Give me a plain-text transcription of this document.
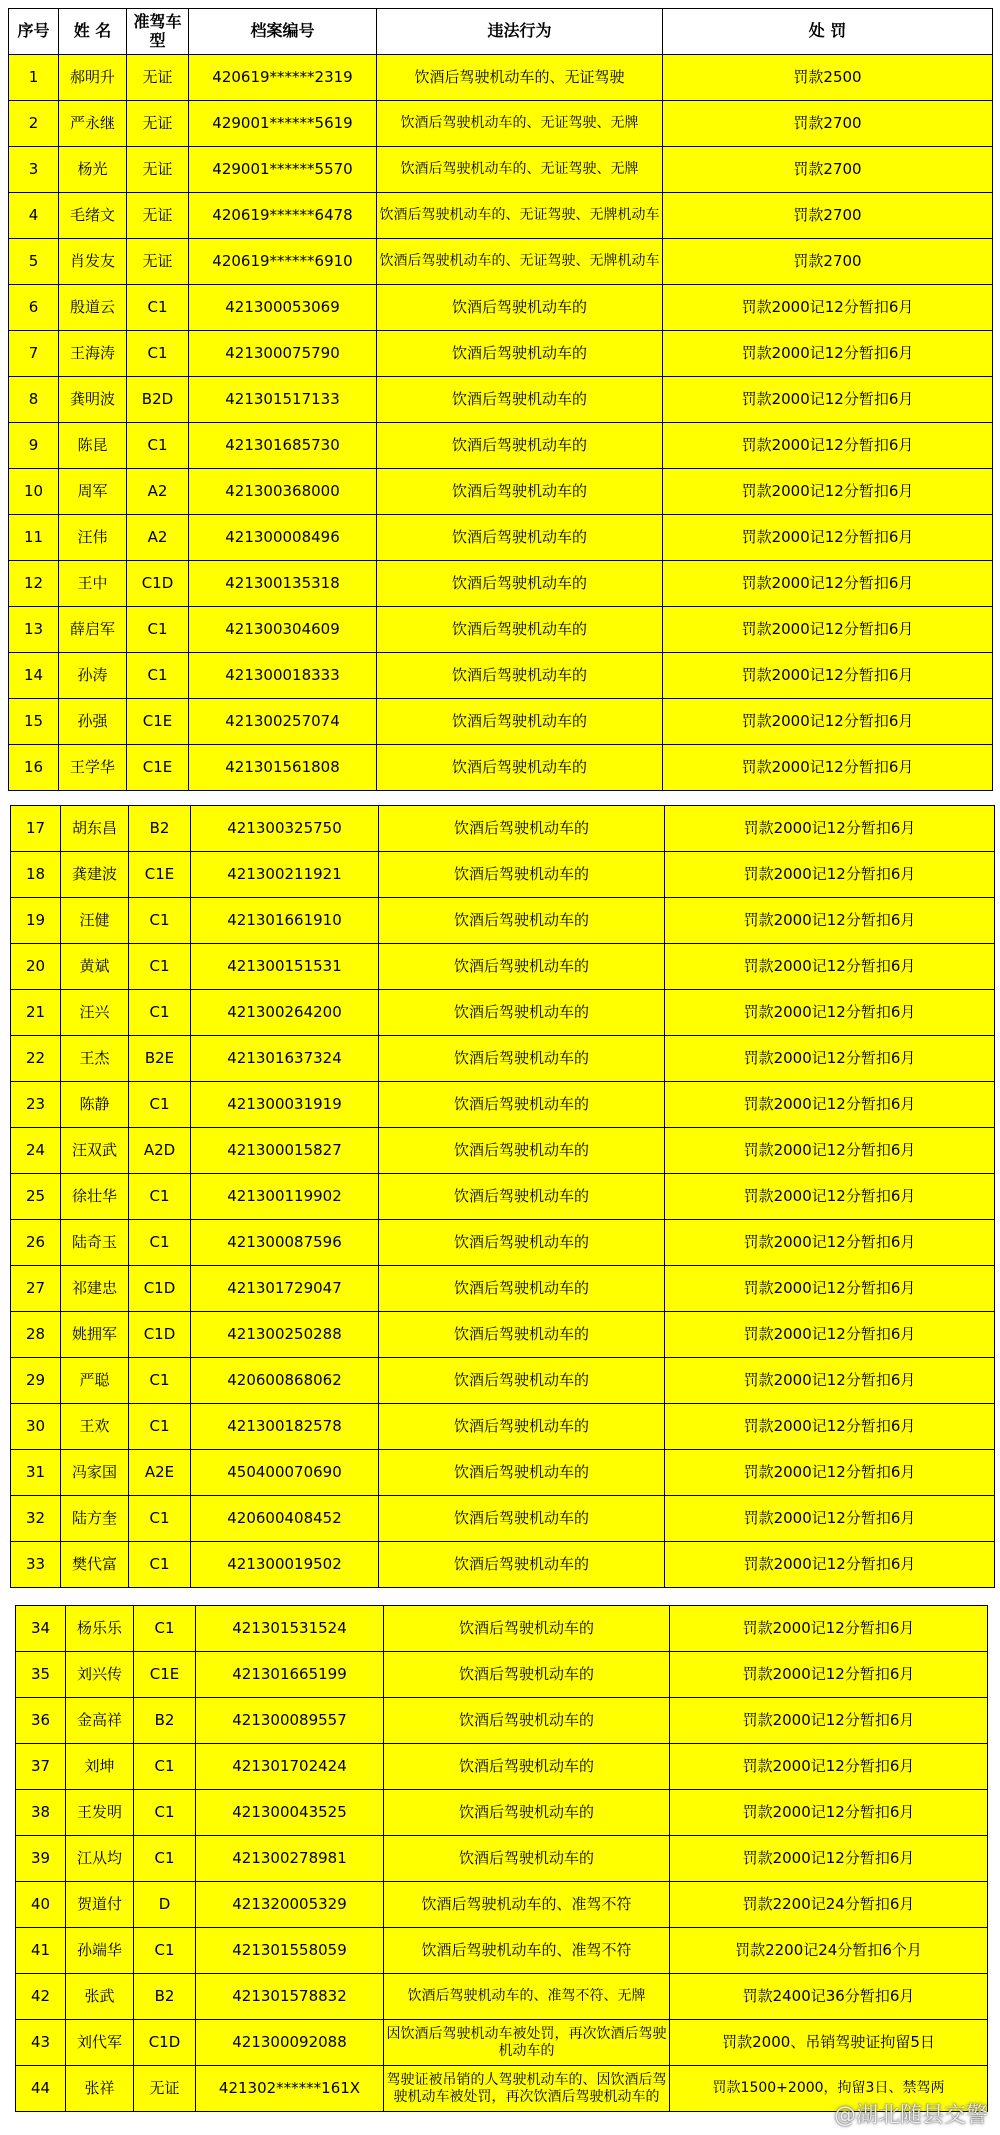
序号	姓 名	准驾车型	档案编号	违法行为	处 罚
1	郝明升	无证	420619******2319	饮酒后驾驶机动车的、无证驾驶	罚款2500
2	严永继	无证	429001******5619	饮酒后驾驶机动车的、无证驾驶、无牌	罚款2700
3	杨光	无证	429001******5570	饮酒后驾驶机动车的、无证驾驶、无牌	罚款2700
4	毛绪文	无证	420619******6478	饮酒后驾驶机动车的、无证驾驶、无牌机动车	罚款2700
5	肖发友	无证	420619******6910	饮酒后驾驶机动车的、无证驾驶、无牌机动车	罚款2700
6	殷道云	C1	421300053069	饮酒后驾驶机动车的	罚款2000记12分暂扣6月
7	王海涛	C1	421300075790	饮酒后驾驶机动车的	罚款2000记12分暂扣6月
8	龚明波	B2D	421301517133	饮酒后驾驶机动车的	罚款2000记12分暂扣6月
9	陈昆	C1	421301685730	饮酒后驾驶机动车的	罚款2000记12分暂扣6月
10	周军	A2	421300368000	饮酒后驾驶机动车的	罚款2000记12分暂扣6月
11	汪伟	A2	421300008496	饮酒后驾驶机动车的	罚款2000记12分暂扣6月
12	王中	C1D	421300135318	饮酒后驾驶机动车的	罚款2000记12分暂扣6月
13	薛启军	C1	421300304609	饮酒后驾驶机动车的	罚款2000记12分暂扣6月
14	孙涛	C1	421300018333	饮酒后驾驶机动车的	罚款2000记12分暂扣6月
15	孙强	C1E	421300257074	饮酒后驾驶机动车的	罚款2000记12分暂扣6月
16	王学华	C1E	421301561808	饮酒后驾驶机动车的	罚款2000记12分暂扣6月
17	胡东昌	B2	421300325750	饮酒后驾驶机动车的	罚款2000记12分暂扣6月
18	龚建波	C1E	421300211921	饮酒后驾驶机动车的	罚款2000记12分暂扣6月
19	汪健	C1	421301661910	饮酒后驾驶机动车的	罚款2000记12分暂扣6月
20	黄斌	C1	421300151531	饮酒后驾驶机动车的	罚款2000记12分暂扣6月
21	汪兴	C1	421300264200	饮酒后驾驶机动车的	罚款2000记12分暂扣6月
22	王杰	B2E	421301637324	饮酒后驾驶机动车的	罚款2000记12分暂扣6月
23	陈静	C1	421300031919	饮酒后驾驶机动车的	罚款2000记12分暂扣6月
24	汪双武	A2D	421300015827	饮酒后驾驶机动车的	罚款2000记12分暂扣6月
25	徐壮华	C1	421300119902	饮酒后驾驶机动车的	罚款2000记12分暂扣6月
26	陆奇玉	C1	421300087596	饮酒后驾驶机动车的	罚款2000记12分暂扣6月
27	祁建忠	C1D	421301729047	饮酒后驾驶机动车的	罚款2000记12分暂扣6月
28	姚拥军	C1D	421300250288	饮酒后驾驶机动车的	罚款2000记12分暂扣6月
29	严聪	C1	420600868062	饮酒后驾驶机动车的	罚款2000记12分暂扣6月
30	王欢	C1	421300182578	饮酒后驾驶机动车的	罚款2000记12分暂扣6月
31	冯家国	A2E	450400070690	饮酒后驾驶机动车的	罚款2000记12分暂扣6月
32	陆方奎	C1	420600408452	饮酒后驾驶机动车的	罚款2000记12分暂扣6月
33	樊代富	C1	421300019502	饮酒后驾驶机动车的	罚款2000记12分暂扣6月
34	杨乐乐	C1	421301531524	饮酒后驾驶机动车的	罚款2000记12分暂扣6月
35	刘兴传	C1E	421301665199	饮酒后驾驶机动车的	罚款2000记12分暂扣6月
36	金高祥	B2	421300089557	饮酒后驾驶机动车的	罚款2000记12分暂扣6月
37	刘坤	C1	421301702424	饮酒后驾驶机动车的	罚款2000记12分暂扣6月
38	王发明	C1	421300043525	饮酒后驾驶机动车的	罚款2000记12分暂扣6月
39	江从均	C1	421300278981	饮酒后驾驶机动车的	罚款2000记12分暂扣6月
40	贺道付	D	421320005329	饮酒后驾驶机动车的、准驾不符	罚款2200记24分暂扣6月
41	孙端华	C1	421301558059	饮酒后驾驶机动车的、准驾不符	罚款2200记24分暂扣6个月
42	张武	B2	421301578832	饮酒后驾驶机动车的、准驾不符、无牌	罚款2400记36分暂扣6月
43	刘代军	C1D	421300092088	因饮酒后驾驶机动车被处罚，再次饮酒后驾驶机动车的	罚款2000、吊销驾驶证拘留5日
44	张祥	无证	421302******161X	驾驶证被吊销的人驾驶机动车的、因饮酒后驾驶机动车被处罚，再次饮酒后驾驶机动车的	罚款1500+2000，拘留3日、禁驾两
@湖北随县交警
